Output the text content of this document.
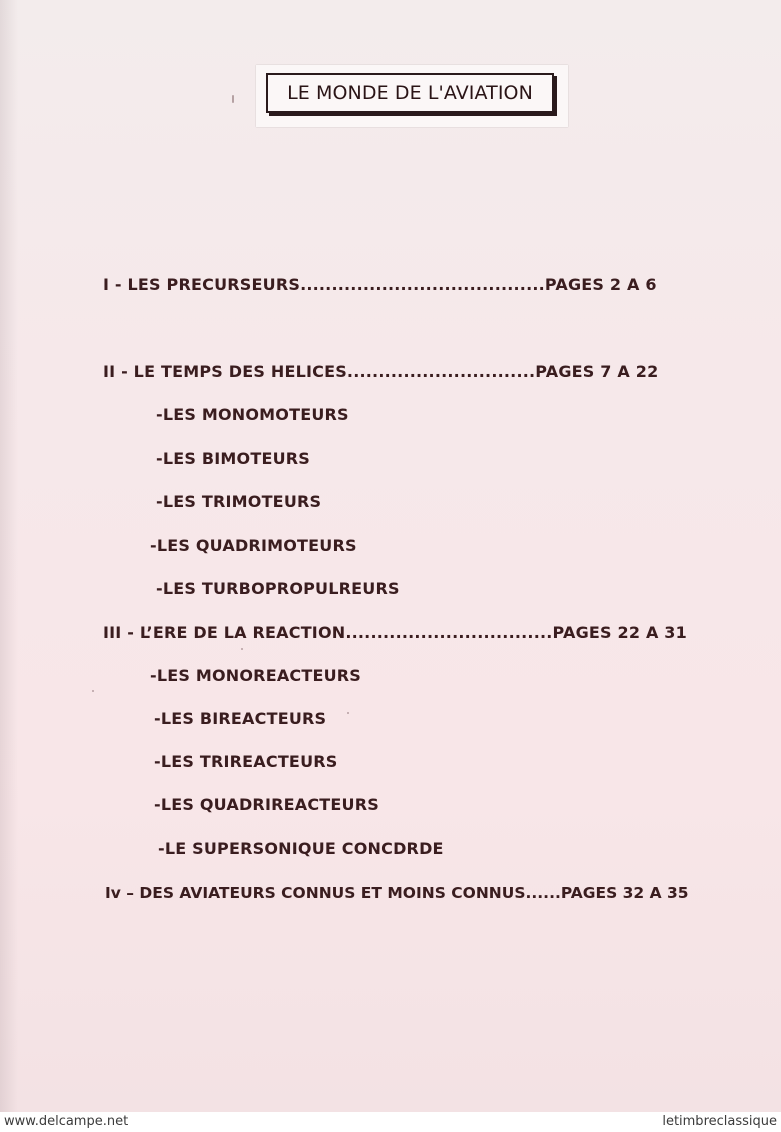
LE MONDE DE L'AVIATION
I - LES PRECURSEURS.......................................PAGES 2 A 6
II - LE TEMPS DES HELICES..............................PAGES 7 A 22
-LES MONOMOTEURS
-LES BIMOTEURS
-LES TRIMOTEURS
-LES QUADRIMOTEURS
-LES TURBOPROPULREURS
III - L’ERE DE LA REACTION.................................PAGES 22 A 31
-LES MONOREACTEURS
-LES BIREACTEURS
-LES TRIREACTEURS
-LES QUADRIREACTEURS
-LE SUPERSONIQUE CONCDRDE
Iv – DES AVIATEURS CONNUS ET MOINS CONNUS......PAGES 32 A 35
www.delcampe.net	letimbreclassique
